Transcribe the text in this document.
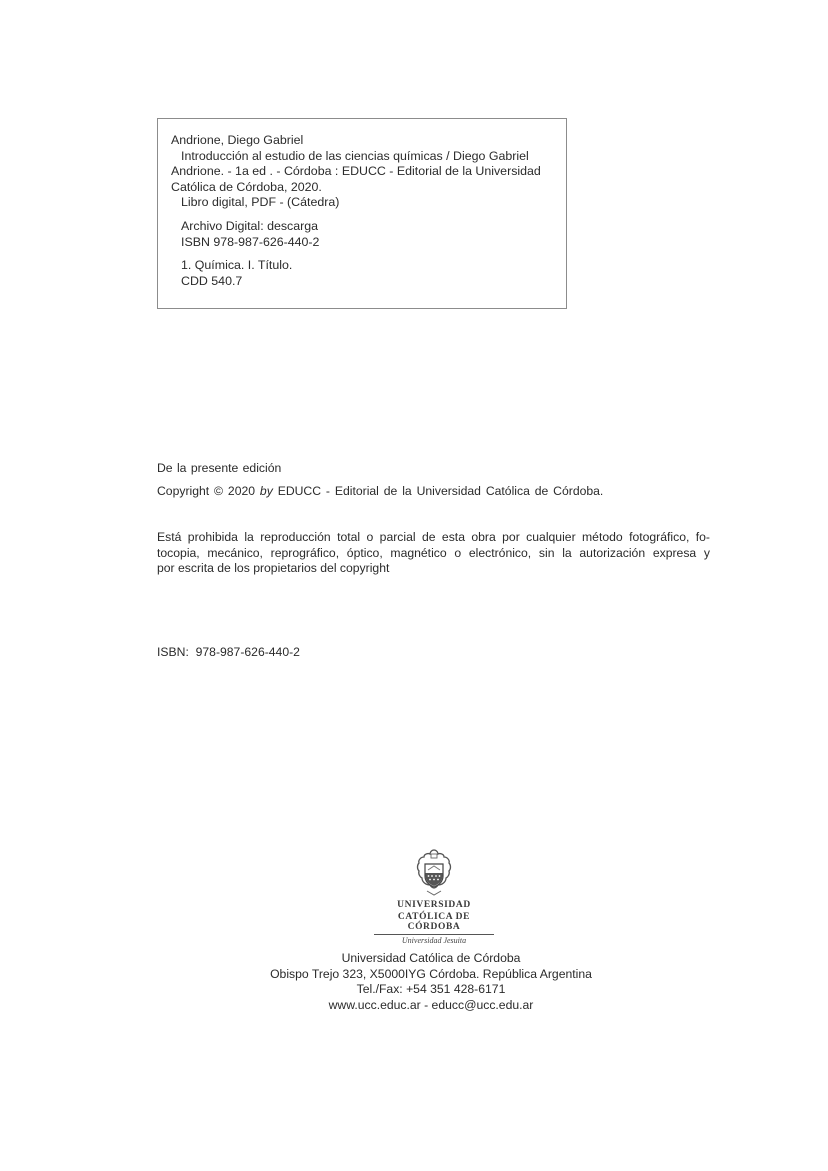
Andrione, Diego Gabriel
Introducción al estudio de las ciencias químicas / Diego Gabriel
Andrione. - 1a ed . - Córdoba : EDUCC - Editorial de la Universidad
Católica de Córdoba, 2020.
Libro digital, PDF - (Cátedra)
Archivo Digital: descarga
ISBN 978-987-626-440-2
1. Química. I. Título.
CDD 540.7
De la presente edición
Copyright © 2020 by EDUCC - Editorial de la Universidad Católica de Córdoba.
Está prohibida la reproducción total o parcial de esta obra por cualquier método fotográfico, fo-
tocopia, mecánico, reprográfico, óptico, magnético o electrónico, sin la autorización expresa y
por escrita de los propietarios del copyright
ISBN:  978-987-626-440-2
UNIVERSIDAD
CATÓLICA DE CÓRDOBA
Universidad Jesuita
Universidad Católica de Córdoba
Obispo Trejo 323, X5000IYG Córdoba. República Argentina
Tel./Fax: +54 351 428-6171
www.ucc.educ.ar - educc@ucc.edu.ar
